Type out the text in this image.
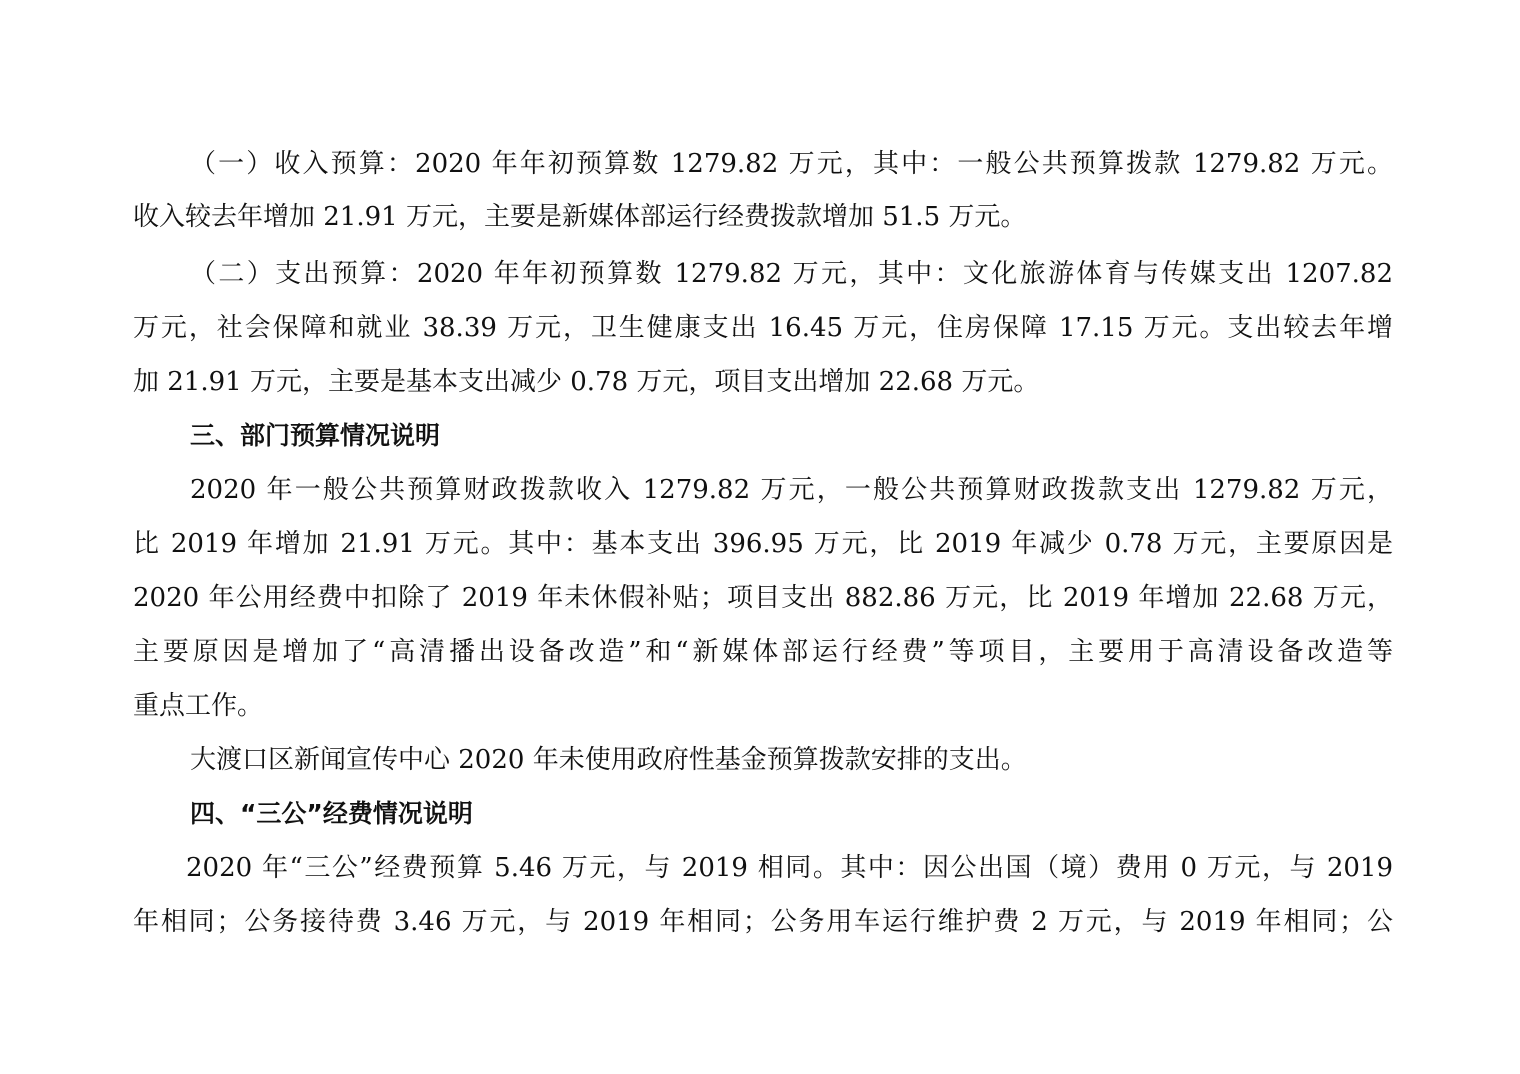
（一）收入预算：2020 年年初预算数 1279.82 万元，其中：一般公共预算拨款 1279.82 万元。
收入较去年增加 21.91 万元，主要是新媒体部运行经费拨款增加 51.5 万元。
（二）支出预算：2020 年年初预算数 1279.82 万元，其中：文化旅游体育与传媒支出 1207.82
万元，社会保障和就业 38.39 万元，卫生健康支出 16.45 万元，住房保障 17.15 万元。支出较去年增
加 21.91 万元，主要是基本支出减少 0.78 万元，项目支出增加 22.68 万元。
三、部门预算情况说明
2020 年一般公共预算财政拨款收入 1279.82 万元，一般公共预算财政拨款支出 1279.82 万元，
比 2019 年增加 21.91 万元。其中：基本支出 396.95 万元，比 2019 年减少 0.78 万元，主要原因是
2020 年公用经费中扣除了 2019 年未休假补贴；项目支出 882.86 万元，比 2019 年增加 22.68 万元，
主要原因是增加了“高清播出设备改造”和“新媒体部运行经费”等项目，主要用于高清设备改造等
重点工作。
大渡口区新闻宣传中心 2020 年未使用政府性基金预算拨款安排的支出。
四、“三公”经费情况说明
2020 年“三公”经费预算 5.46 万元，与 2019 相同。其中：因公出国（境）费用 0 万元，与 2019
年相同；公务接待费 3.46 万元，与 2019 年相同；公务用车运行维护费 2 万元，与 2019 年相同；公
